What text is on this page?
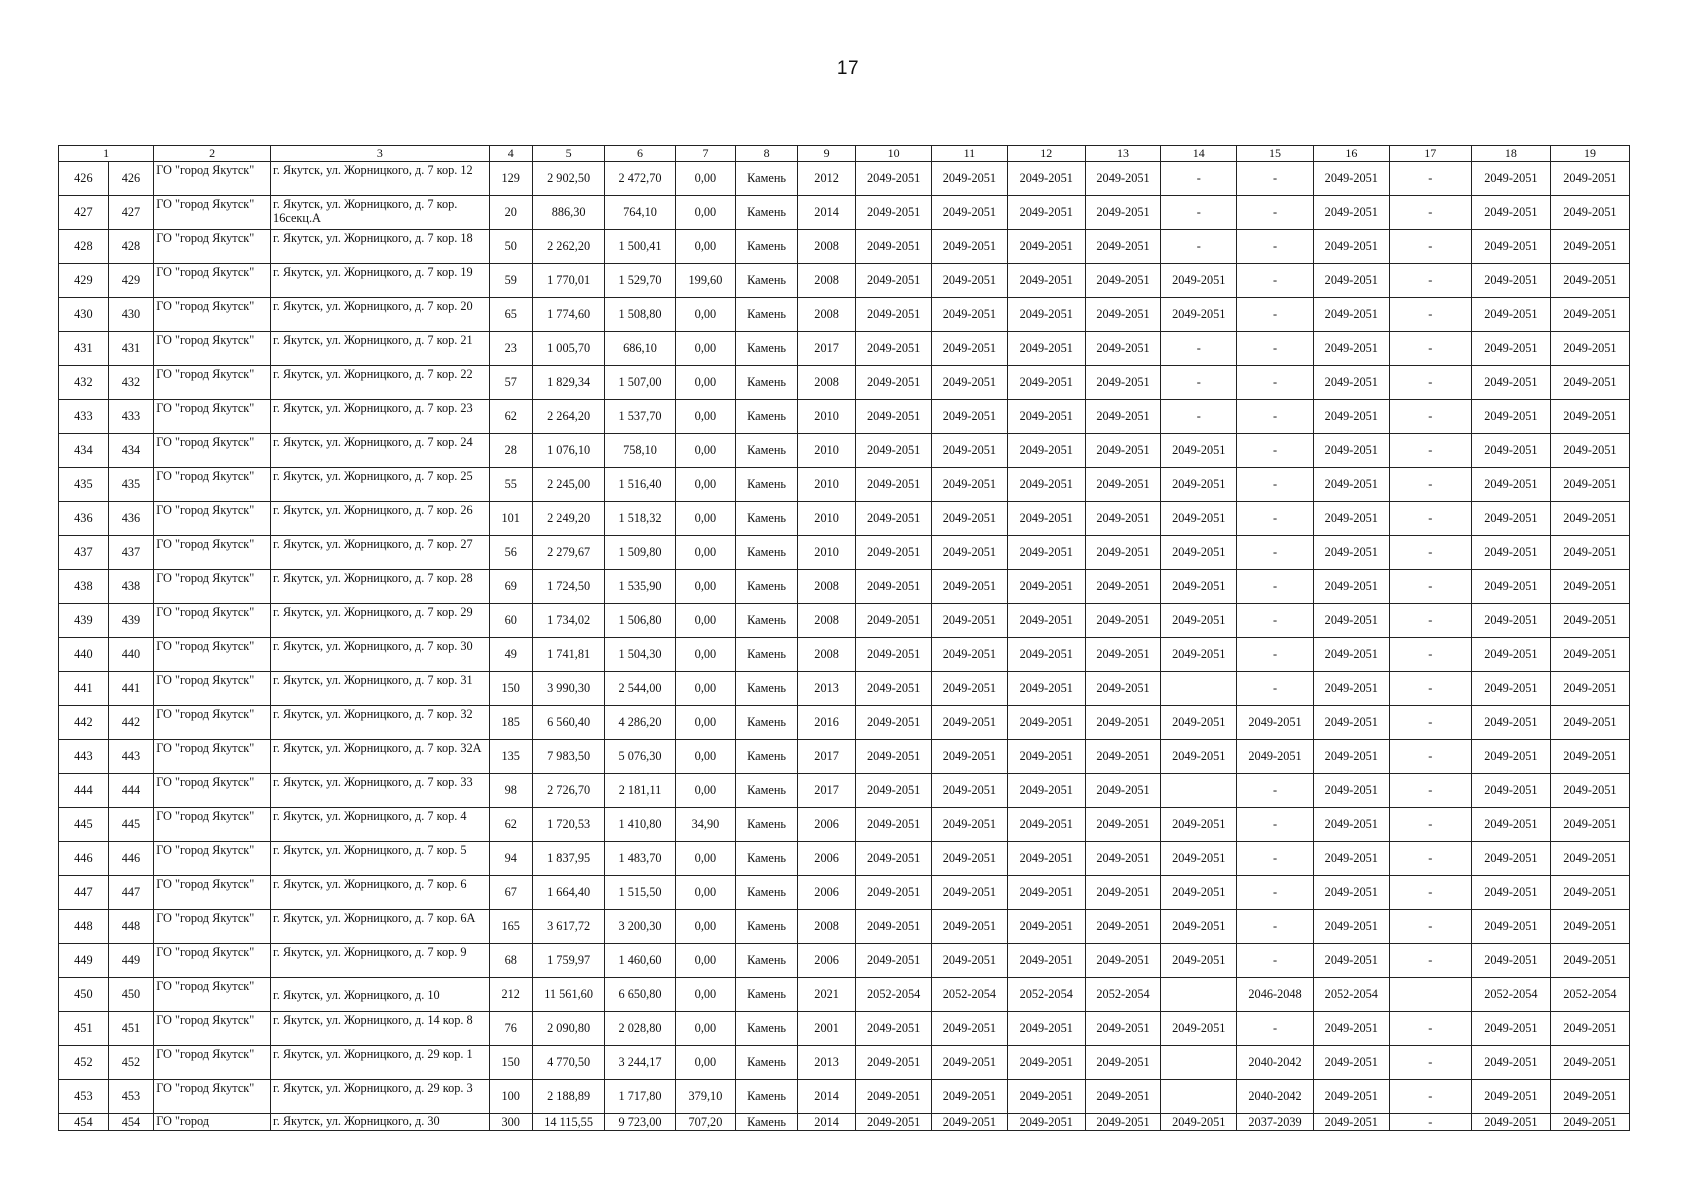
17
1		2	3	4	5	6	7	8	9	10	11	12	13	14	15	16	17	18	19
426	426	ГО "город Якутск"	г. Якутск, ул. Жорницкого, д. 7 кор. 12	129	2 902,50	2 472,70	0,00	Камень	2012	2049-2051	2049-2051	2049-2051	2049-2051	-	-	2049-2051	-	2049-2051	2049-2051
427	427	ГО "город Якутск"	г. Якутск, ул. Жорницкого, д. 7 кор. 16секц.А	20	886,30	764,10	0,00	Камень	2014	2049-2051	2049-2051	2049-2051	2049-2051	-	-	2049-2051	-	2049-2051	2049-2051
428	428	ГО "город Якутск"	г. Якутск, ул. Жорницкого, д. 7 кор. 18	50	2 262,20	1 500,41	0,00	Камень	2008	2049-2051	2049-2051	2049-2051	2049-2051	-	-	2049-2051	-	2049-2051	2049-2051
429	429	ГО "город Якутск"	г. Якутск, ул. Жорницкого, д. 7 кор. 19	59	1 770,01	1 529,70	199,60	Камень	2008	2049-2051	2049-2051	2049-2051	2049-2051	2049-2051	-	2049-2051	-	2049-2051	2049-2051
430	430	ГО "город Якутск"	г. Якутск, ул. Жорницкого, д. 7 кор. 20	65	1 774,60	1 508,80	0,00	Камень	2008	2049-2051	2049-2051	2049-2051	2049-2051	2049-2051	-	2049-2051	-	2049-2051	2049-2051
431	431	ГО "город Якутск"	г. Якутск, ул. Жорницкого, д. 7 кор. 21	23	1 005,70	686,10	0,00	Камень	2017	2049-2051	2049-2051	2049-2051	2049-2051	-	-	2049-2051	-	2049-2051	2049-2051
432	432	ГО "город Якутск"	г. Якутск, ул. Жорницкого, д. 7 кор. 22	57	1 829,34	1 507,00	0,00	Камень	2008	2049-2051	2049-2051	2049-2051	2049-2051	-	-	2049-2051	-	2049-2051	2049-2051
433	433	ГО "город Якутск"	г. Якутск, ул. Жорницкого, д. 7 кор. 23	62	2 264,20	1 537,70	0,00	Камень	2010	2049-2051	2049-2051	2049-2051	2049-2051	-	-	2049-2051	-	2049-2051	2049-2051
434	434	ГО "город Якутск"	г. Якутск, ул. Жорницкого, д. 7 кор. 24	28	1 076,10	758,10	0,00	Камень	2010	2049-2051	2049-2051	2049-2051	2049-2051	2049-2051	-	2049-2051	-	2049-2051	2049-2051
435	435	ГО "город Якутск"	г. Якутск, ул. Жорницкого, д. 7 кор. 25	55	2 245,00	1 516,40	0,00	Камень	2010	2049-2051	2049-2051	2049-2051	2049-2051	2049-2051	-	2049-2051	-	2049-2051	2049-2051
436	436	ГО "город Якутск"	г. Якутск, ул. Жорницкого, д. 7 кор. 26	101	2 249,20	1 518,32	0,00	Камень	2010	2049-2051	2049-2051	2049-2051	2049-2051	2049-2051	-	2049-2051	-	2049-2051	2049-2051
437	437	ГО "город Якутск"	г. Якутск, ул. Жорницкого, д. 7 кор. 27	56	2 279,67	1 509,80	0,00	Камень	2010	2049-2051	2049-2051	2049-2051	2049-2051	2049-2051	-	2049-2051	-	2049-2051	2049-2051
438	438	ГО "город Якутск"	г. Якутск, ул. Жорницкого, д. 7 кор. 28	69	1 724,50	1 535,90	0,00	Камень	2008	2049-2051	2049-2051	2049-2051	2049-2051	2049-2051	-	2049-2051	-	2049-2051	2049-2051
439	439	ГО "город Якутск"	г. Якутск, ул. Жорницкого, д. 7 кор. 29	60	1 734,02	1 506,80	0,00	Камень	2008	2049-2051	2049-2051	2049-2051	2049-2051	2049-2051	-	2049-2051	-	2049-2051	2049-2051
440	440	ГО "город Якутск"	г. Якутск, ул. Жорницкого, д. 7 кор. 30	49	1 741,81	1 504,30	0,00	Камень	2008	2049-2051	2049-2051	2049-2051	2049-2051	2049-2051	-	2049-2051	-	2049-2051	2049-2051
441	441	ГО "город Якутск"	г. Якутск, ул. Жорницкого, д. 7 кор. 31	150	3 990,30	2 544,00	0,00	Камень	2013	2049-2051	2049-2051	2049-2051	2049-2051		-	2049-2051	-	2049-2051	2049-2051
442	442	ГО "город Якутск"	г. Якутск, ул. Жорницкого, д. 7 кор. 32	185	6 560,40	4 286,20	0,00	Камень	2016	2049-2051	2049-2051	2049-2051	2049-2051	2049-2051	2049-2051	2049-2051	-	2049-2051	2049-2051
443	443	ГО "город Якутск"	г. Якутск, ул. Жорницкого, д. 7 кор. 32А	135	7 983,50	5 076,30	0,00	Камень	2017	2049-2051	2049-2051	2049-2051	2049-2051	2049-2051	2049-2051	2049-2051	-	2049-2051	2049-2051
444	444	ГО "город Якутск"	г. Якутск, ул. Жорницкого, д. 7 кор. 33	98	2 726,70	2 181,11	0,00	Камень	2017	2049-2051	2049-2051	2049-2051	2049-2051		-	2049-2051	-	2049-2051	2049-2051
445	445	ГО "город Якутск"	г. Якутск, ул. Жорницкого, д. 7 кор. 4	62	1 720,53	1 410,80	34,90	Камень	2006	2049-2051	2049-2051	2049-2051	2049-2051	2049-2051	-	2049-2051	-	2049-2051	2049-2051
446	446	ГО "город Якутск"	г. Якутск, ул. Жорницкого, д. 7 кор. 5	94	1 837,95	1 483,70	0,00	Камень	2006	2049-2051	2049-2051	2049-2051	2049-2051	2049-2051	-	2049-2051	-	2049-2051	2049-2051
447	447	ГО "город Якутск"	г. Якутск, ул. Жорницкого, д. 7 кор. 6	67	1 664,40	1 515,50	0,00	Камень	2006	2049-2051	2049-2051	2049-2051	2049-2051	2049-2051	-	2049-2051	-	2049-2051	2049-2051
448	448	ГО "город Якутск"	г. Якутск, ул. Жорницкого, д. 7 кор. 6А	165	3 617,72	3 200,30	0,00	Камень	2008	2049-2051	2049-2051	2049-2051	2049-2051	2049-2051	-	2049-2051	-	2049-2051	2049-2051
449	449	ГО "город Якутск"	г. Якутск, ул. Жорницкого, д. 7 кор. 9	68	1 759,97	1 460,60	0,00	Камень	2006	2049-2051	2049-2051	2049-2051	2049-2051	2049-2051	-	2049-2051	-	2049-2051	2049-2051
450	450	ГО "город Якутск"	г. Якутск, ул. Жорницкого, д. 10	212	11 561,60	6 650,80	0,00	Камень	2021	2052-2054	2052-2054	2052-2054	2052-2054		2046-2048	2052-2054		2052-2054	2052-2054
451	451	ГО "город Якутск"	г. Якутск, ул. Жорницкого, д. 14 кор. 8	76	2 090,80	2 028,80	0,00	Камень	2001	2049-2051	2049-2051	2049-2051	2049-2051	2049-2051	-	2049-2051	-	2049-2051	2049-2051
452	452	ГО "город Якутск"	г. Якутск, ул. Жорницкого, д. 29 кор. 1	150	4 770,50	3 244,17	0,00	Камень	2013	2049-2051	2049-2051	2049-2051	2049-2051		2040-2042	2049-2051	-	2049-2051	2049-2051
453	453	ГО "город Якутск"	г. Якутск, ул. Жорницкого, д. 29 кор. 3	100	2 188,89	1 717,80	379,10	Камень	2014	2049-2051	2049-2051	2049-2051	2049-2051		2040-2042	2049-2051	-	2049-2051	2049-2051
454	454	ГО "город	г. Якутск, ул. Жорницкого, д. 30	300	14 115,55	9 723,00	707,20	Камень	2014	2049-2051	2049-2051	2049-2051	2049-2051	2049-2051	2037-2039	2049-2051	-	2049-2051	2049-2051
